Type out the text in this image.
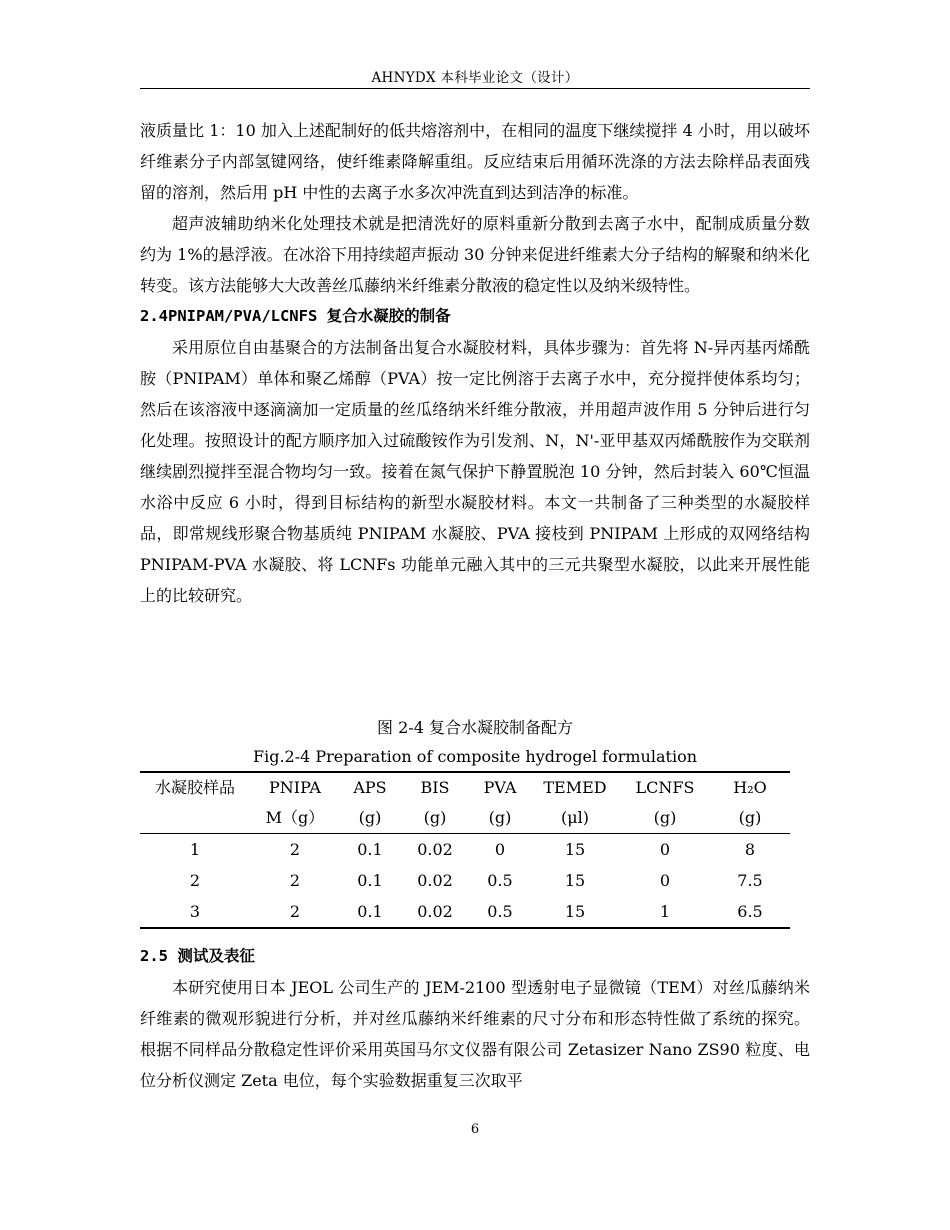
AHNYDX 本科毕业论文（设计）

液质量比 1：10 加入上述配制好的低共熔溶剂中，在相同的温度下继续搅拌 4 小时，用以破坏纤维素分子内部氢键网络，使纤维素降解重组。反应结束后用循环洗涤的方法去除样品表面残留的溶剂，然后用 pH 中性的去离子水多次冲洗直到达到洁净的标准。

超声波辅助纳米化处理技术就是把清洗好的原料重新分散到去离子水中，配制成质量分数约为 1%的悬浮液。在冰浴下用持续超声振动 30 分钟来促进纤维素大分子结构的解聚和纳米化转变。该方法能够大大改善丝瓜藤纳米纤维素分散液的稳定性以及纳米级特性。

2.4PNIPAM/PVA/LCNFS 复合水凝胶的制备

采用原位自由基聚合的方法制备出复合水凝胶材料，具体步骤为：首先将 N-异丙基丙烯酰胺（PNIPAM）单体和聚乙烯醇（PVA）按一定比例溶于去离子水中，充分搅拌使体系均匀；然后在该溶液中逐滴滴加一定质量的丝瓜络纳米纤维分散液，并用超声波作用 5 分钟后进行匀化处理。按照设计的配方顺序加入过硫酸铵作为引发剂、N，N'-亚甲基双丙烯酰胺作为交联剂继续剧烈搅拌至混合物均匀一致。接着在氮气保护下静置脱泡 10 分钟，然后封装入 60℃恒温水浴中反应 6 小时，得到目标结构的新型水凝胶材料。本文一共制备了三种类型的水凝胶样品，即常规线形聚合物基质纯 PNIPAM 水凝胶、PVA 接枝到 PNIPAM 上形成的双网络结构 PNIPAM-PVA 水凝胶、将 LCNFs 功能单元融入其中的三元共聚型水凝胶，以此来开展性能上的比较研究。

图 2-4 复合水凝胶制备配方

Fig.2-4 Preparation of composite hydrogel formulation

水凝胶样品	PNIPA	APS	BIS	PVA	TEMED	LCNFS	H₂O
	M（g）	(g)	(g)	(g)	(μl)	(g)	(g)
1	2	0.1	0.02	0	15	0	8
2	2	0.1	0.02	0.5	15	0	7.5
3	2	0.1	0.02	0.5	15	1	6.5
2.5 测试及表征

本研究使用日本 JEOL 公司生产的 JEM-2100 型透射电子显微镜（TEM）对丝瓜藤纳米纤维素的微观形貌进行分析，并对丝瓜藤纳米纤维素的尺寸分布和形态特性做了系统的探究。根据不同样品分散稳定性评价采用英国马尔文仪器有限公司 Zetasizer Nano ZS90 粒度、电位分析仪测定 Zeta 电位，每个实验数据重复三次取平

6
